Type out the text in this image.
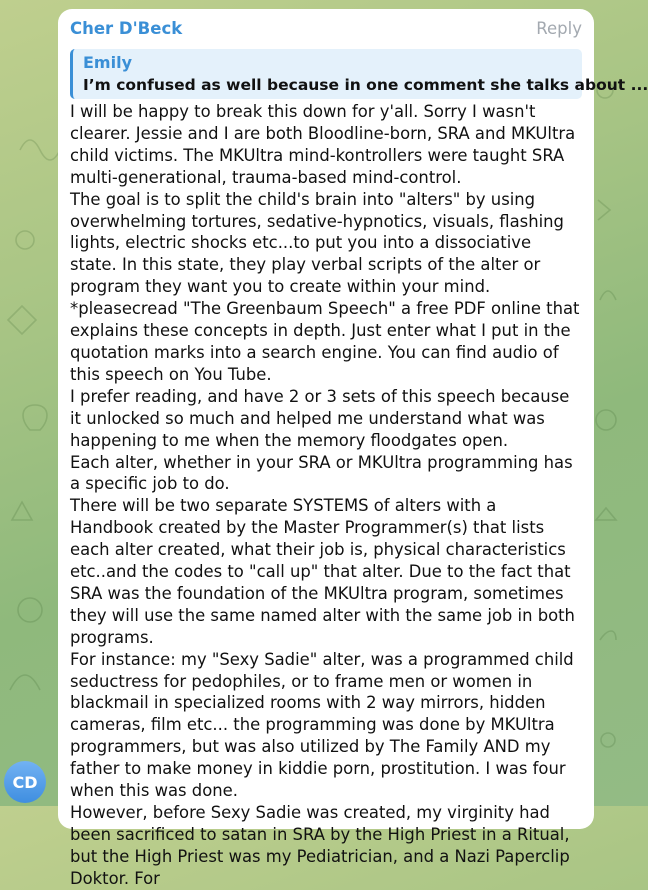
Cher D'Beck	Reply
Emily
I’m confused as well because in one comment she talks about ...
I will be happy to break this down for y'all. Sorry I wasn't clearer. Jessie and I are both Bloodline-born, SRA and MKUltra child victims. The MKUltra mind-kontrollers were taught SRA multi-generational, trauma-based mind-control.
The goal is to split the child's brain into "alters" by using overwhelming tortures, sedative-hypnotics, visuals, flashing lights, electric shocks etc...to put you into a dissociative state. In this state, they play verbal scripts of the alter or program they want you to create within your mind.
*pleasecread "The Greenbaum Speech" a free PDF online that explains these concepts in depth. Just enter what I put in the quotation marks into a search engine. You can find audio of this speech on You Tube.
I prefer reading, and have 2 or 3 sets of this speech because it unlocked so much and helped me understand what was happening to me when the memory floodgates open.
Each alter, whether in your SRA or MKUltra programming has a specific job to do.
There will be two separate SYSTEMS of alters with a Handbook created by the Master Programmer(s) that lists each alter created, what their job is, physical characteristics etc..and the codes to "call up" that alter. Due to the fact that SRA was the foundation of the MKUltra program, sometimes they will use the same named alter with the same job in both programs.
For instance: my "Sexy Sadie" alter, was a programmed child seductress for pedophiles, or to frame men or women in blackmail in specialized rooms with 2 way mirrors, hidden cameras, film etc... the programming was done by MKUltra programmers, but was also utilized by The Family AND my father to make money in kiddie porn, prostitution. I was four when this was done.
However, before Sexy Sadie was created, my virginity had been sacrificed to satan in SRA by the High Priest in a Ritual, but the High Priest was my Pediatrician, and a Nazi Paperclip Doktor. For
CD
